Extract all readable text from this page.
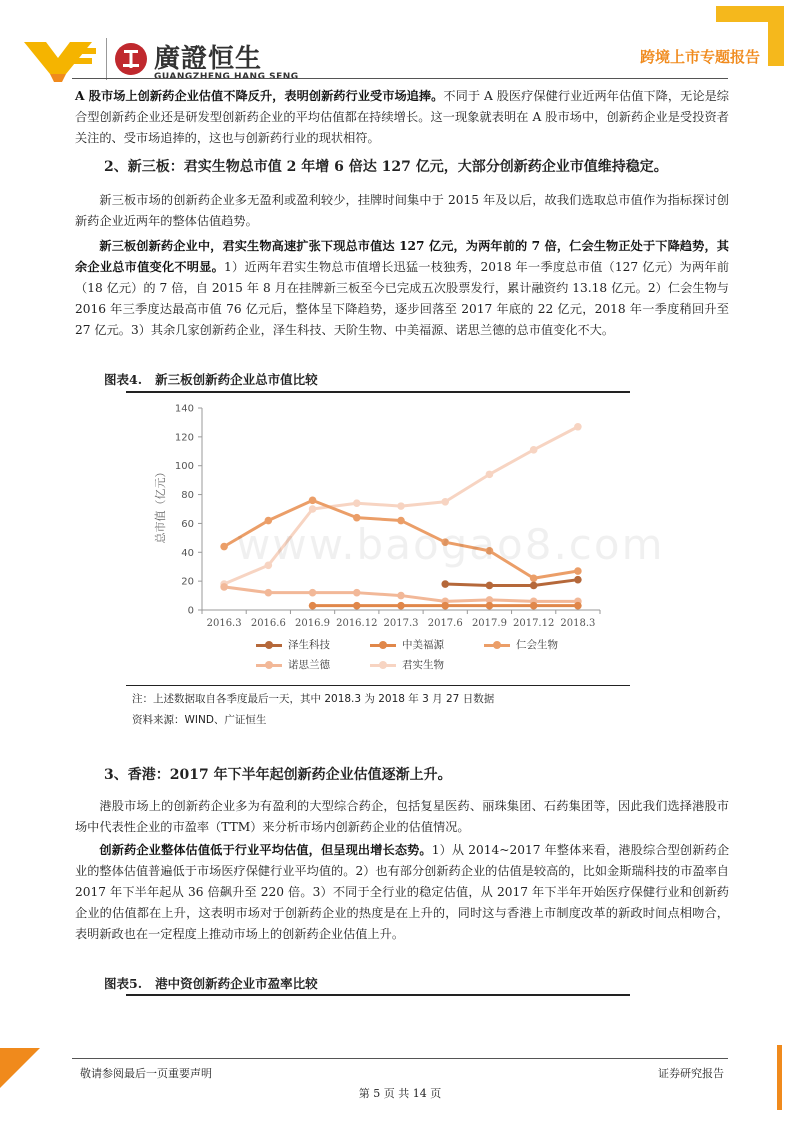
廣證恒生
GUANGZHENG HANG SENG
跨境上市专题报告

A 股市场上创新药企业估值不降反升，表明创新药行业受市场追捧。不同于 A 股医疗保健行业近两年估值下降，无论是综合型创新药企业还是研发型创新药企业的平均估值都在持续增长。这一现象就表明在 A 股市场中，创新药企业是受投资者关注的、受市场追捧的，这也与创新药行业的现状相符。

2、新三板：君实生物总市值 2 年增 6 倍达 127 亿元，大部分创新药企业市值维持稳定。

新三板市场的创新药企业多无盈利或盈利较少，挂牌时间集中于 2015 年及以后，故我们选取总市值作为指标探讨创新药企业近两年的整体估值趋势。

新三板创新药企业中，君实生物高速扩张下现总市值达 127 亿元，为两年前的 7 倍，仁会生物正处于下降趋势，其余企业总市值变化不明显。1）近两年君实生物总市值增长迅猛一枝独秀，2018 年一季度总市值（127 亿元）为两年前（18 亿元）的 7 倍，自 2015 年 8 月在挂牌新三板至今已完成五次股票发行，累计融资约 13.18 亿元。2）仁会生物与 2016 年三季度达最高市值 76 亿元后，整体呈下降趋势，逐步回落至 2017 年底的 22 亿元，2018 年一季度稍回升至 27 亿元。3）其余几家创新药企业，泽生科技、天阶生物、中美福源、诺思兰德的总市值变化不大。

图表4. 新三板创新药企业总市值比较
总市值（亿元）
0
20
40
60
80
100
120
140
2016.3 2016.6 2016.9 2016.12 2017.3 2017.6 2017.9 2017.12 2018.3
www.baogao8.com
泽生科技	中美福源	仁会生物
诺思兰德	君实生物
注：上述数据取自各季度最后一天，其中 2018.3 为 2018 年 3 月 27 日数据
资料来源：WIND、广证恒生
3、香港：2017 年下半年起创新药企业估值逐渐上升。

港股市场上的创新药企业多为有盈利的大型综合药企，包括复星医药、丽珠集团、石药集团等，因此我们选择港股市场中代表性企业的市盈率（TTM）来分析市场内创新药企业的估值情况。

创新药企业整体估值低于行业平均估值，但呈现出增长态势。1）从 2014~2017 年整体来看，港股综合型创新药企业的整体估值普遍低于市场医疗保健行业平均值的。2）也有部分创新药企业的估值是较高的，比如金斯瑞科技的市盈率自 2017 年下半年起从 36 倍飙升至 220 倍。3）不同于全行业的稳定估值，从 2017 年下半年开始医疗保健行业和创新药企业的估值都在上升，这表明市场对于创新药企业的热度是在上升的，同时这与香港上市制度改革的新政时间点相吻合，表明新政也在一定程度上推动市场上的创新药企业估值上升。

图表5. 港中资创新药企业市盈率比较
敬请参阅最后一页重要声明	证券研究报告
第 5 页 共 14 页
